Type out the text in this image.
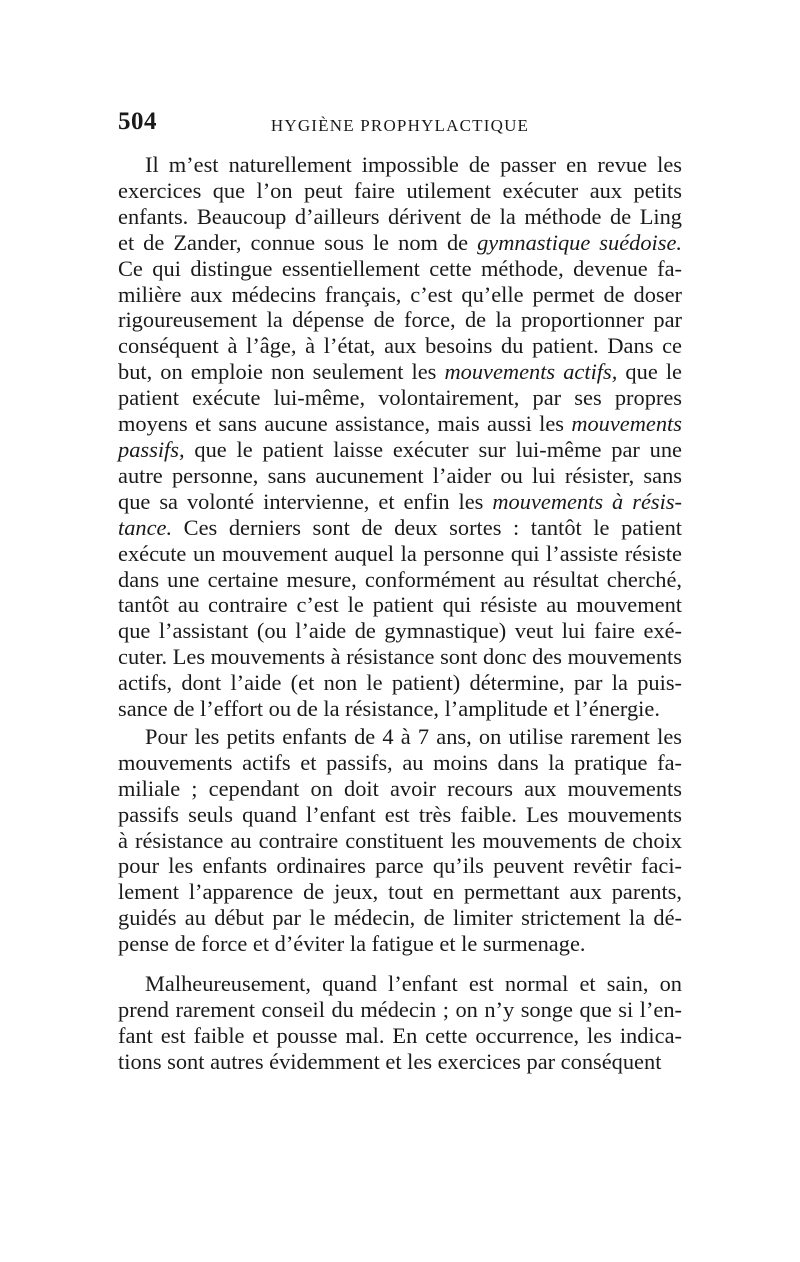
504	HYGIÈNE PROPHYLACTIQUE
Il m’est naturellement impossible de passer en revue les
exercices que l’on peut faire utilement exécuter aux petits
enfants. Beaucoup d’ailleurs dérivent de la méthode de Ling
et de Zander, connue sous le nom de gymnastique suédoise.
Ce qui distingue essentiellement cette méthode, devenue fa-
milière aux médecins français, c’est qu’elle permet de doser
rigoureusement la dépense de force, de la proportionner par
conséquent à l’âge, à l’état, aux besoins du patient. Dans ce
but, on emploie non seulement les mouvements actifs, que le
patient exécute lui-même, volontairement, par ses propres
moyens et sans aucune assistance, mais aussi les mouvements
passifs, que le patient laisse exécuter sur lui-même par une
autre personne, sans aucunement l’aider ou lui résister, sans
que sa volonté intervienne, et enfin les mouvements à résis-
tance. Ces derniers sont de deux sortes : tantôt le patient
exécute un mouvement auquel la personne qui l’assiste résiste
dans une certaine mesure, conformément au résultat cherché,
tantôt au contraire c’est le patient qui résiste au mouvement
que l’assistant (ou l’aide de gymnastique) veut lui faire exé-
cuter. Les mouvements à résistance sont donc des mouvements
actifs, dont l’aide (et non le patient) détermine, par la puis-
sance de l’effort ou de la résistance, l’amplitude et l’énergie.
Pour les petits enfants de 4 à 7 ans, on utilise rarement les
mouvements actifs et passifs, au moins dans la pratique fa-
miliale ; cependant on doit avoir recours aux mouvements
passifs seuls quand l’enfant est très faible. Les mouvements
à résistance au contraire constituent les mouvements de choix
pour les enfants ordinaires parce qu’ils peuvent revêtir faci-
lement l’apparence de jeux, tout en permettant aux parents,
guidés au début par le médecin, de limiter strictement la dé-
pense de force et d’éviter la fatigue et le surmenage.
Malheureusement, quand l’enfant est normal et sain, on
prend rarement conseil du médecin ; on n’y songe que si l’en-
fant est faible et pousse mal. En cette occurrence, les indica-
tions sont autres évidemment et les exercices par conséquent
